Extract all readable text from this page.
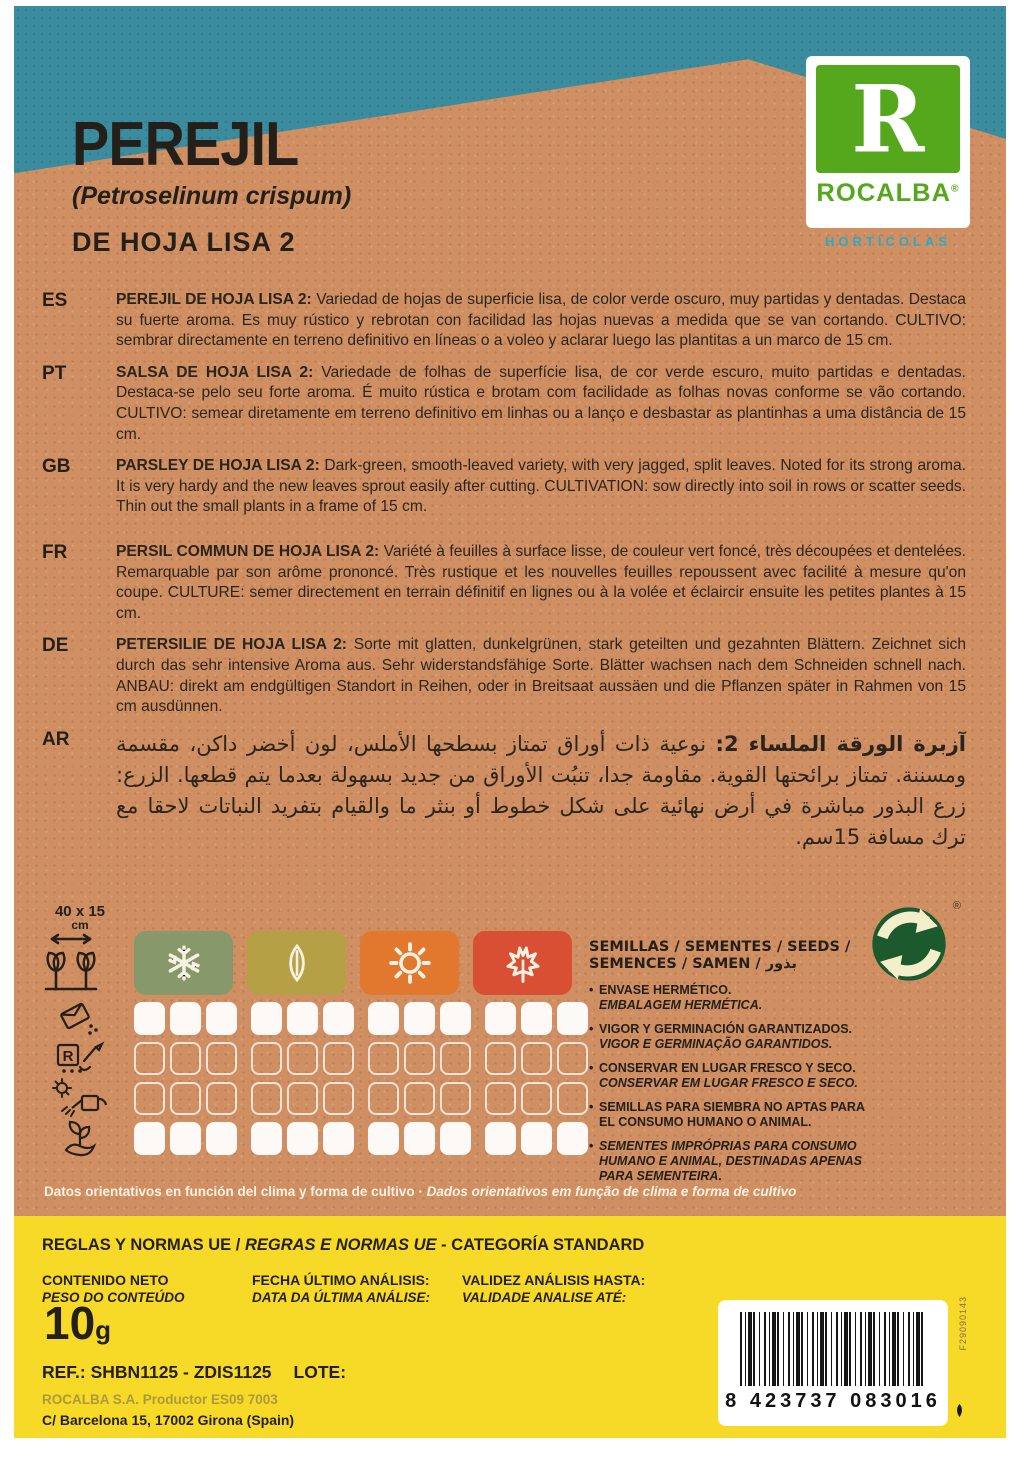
R
ROCALBA®
HORTÍCOLAS
PEREJIL
(Petroselinum crispum)
DE HOJA LISA 2
ES	PEREJIL DE HOJA LISA 2: Variedad de hojas de superficie lisa, de color verde oscuro, muy partidas y dentadas. Destaca su fuerte aroma. Es muy rústico y rebrotan con facilidad las hojas nuevas a medida que se van cortando. CULTIVO: sembrar directamente en terreno definitivo en líneas o a voleo y aclarar luego las plantitas a un marco de 15 cm.
PT	SALSA DE HOJA LISA 2: Variedade de folhas de superfície lisa, de cor verde escuro, muito partidas e dentadas. Destaca-se pelo seu forte aroma. É muito rústica e brotam com facilidade as folhas novas conforme se vão cortando. CULTIVO: semear diretamente em terreno definitivo em linhas ou a lanço e desbastar as plantinhas a uma distância de 15 cm.
GB	PARSLEY DE HOJA LISA 2: Dark-green, smooth-leaved variety, with very jagged, split leaves. Noted for its strong aroma. It is very hardy and the new leaves sprout easily after cutting. CULTIVATION: sow directly into soil in rows or scatter seeds. Thin out the small plants in a frame of 15 cm.
FR	PERSIL COMMUN DE HOJA LISA 2: Variété à feuilles à surface lisse, de couleur vert foncé, très découpées et dentelées. Remarquable par son arôme prononcé. Très rustique et les nouvelles feuilles repoussent avec facilité à mesure qu'on coupe. CULTURE: semer directement en terrain définitif en lignes ou à la volée et éclaircir ensuite les petites plantes à 15 cm.
DE	PETERSILIE DE HOJA LISA 2: Sorte mit glatten, dunkelgrünen, stark geteilten und gezahnten Blättern. Zeichnet sich durch das sehr intensive Aroma aus. Sehr widerstandsfähige Sorte. Blätter wachsen nach dem Schneiden schnell nach. ANBAU: direkt am endgültigen Standort in Reihen, oder in Breitsaat aussäen und die Pflanzen später in Rahmen von 15 cm ausdünnen.
AR	آزبرة الورقة الملساء 2: نوعية ذات أوراق تمتاز بسطحها الأملس، لون أخضر داكن، مقسمة ومسننة. تمتاز برائحتها القوية. مقاومة جدا، تنبُت الأوراق من جديد بسهولة بعدما يتم قطعها. الزرع: زرع البذور مباشرة في أرض نهائية على شكل خطوط أو بنثر ما والقيام بتفريد النباتات لاحقا مع ترك مسافة 15سم.
40 x 15
cm
R
SEMILLAS / SEMENTES / SEEDS /
SEMENCES / SAMEN / بذور
• ENVASE HERMÉTICO.
EMBALAGEM HERMÉTICA.
• VIGOR Y GERMINACIÓN GARANTIZADOS.
VIGOR E GERMINAÇÃO GARANTIDOS.
• CONSERVAR EN LUGAR FRESCO Y SECO.
CONSERVAR EM LUGAR FRESCO E SECO.
• SEMILLAS PARA SIEMBRA NO APTAS PARA EL CONSUMO HUMANO O ANIMAL.
• SEMENTES IMPRÓPRIAS PARA CONSUMO HUMANO E ANIMAL, DESTINADAS APENAS PARA SEMENTEIRA.
®
Datos orientativos en función del clima y forma de cultivo · Dados orientativos em função de clima e forma de cultivo
REGLAS Y NORMAS UE / REGRAS E NORMAS UE - CATEGORÍA STANDARD
CONTENIDO NETO
PESO DO CONTEÚDO
FECHA ÚLTIMO ANÁLISIS:
DATA DA ÚLTIMA ANÁLISE:
VALIDEZ ANÁLISIS HASTA:
VALIDADE ANALISE ATÉ:
10g
REF.: SHBN1125 - ZDIS1125 LOTE:
ROCALBA S.A. Productor ES09 7003
C/ Barcelona 15, 17002 Girona (Spain)
8 423737 083016
F29090143
